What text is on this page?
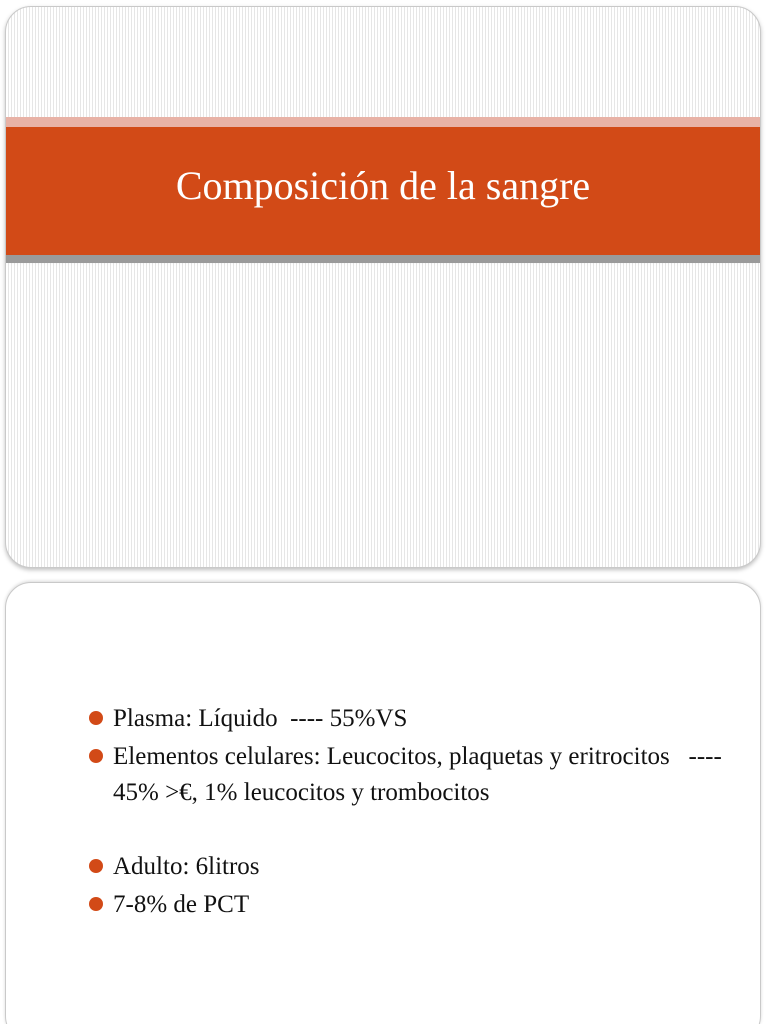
Composición de la sangre
Plasma: Líquido  ---- 55%VS
Elementos celulares: Leucocitos, plaquetas y eritrocitos   ---- 45% >€, 1% leucocitos y trombocitos
Adulto: 6litros
7-8% de PCT
